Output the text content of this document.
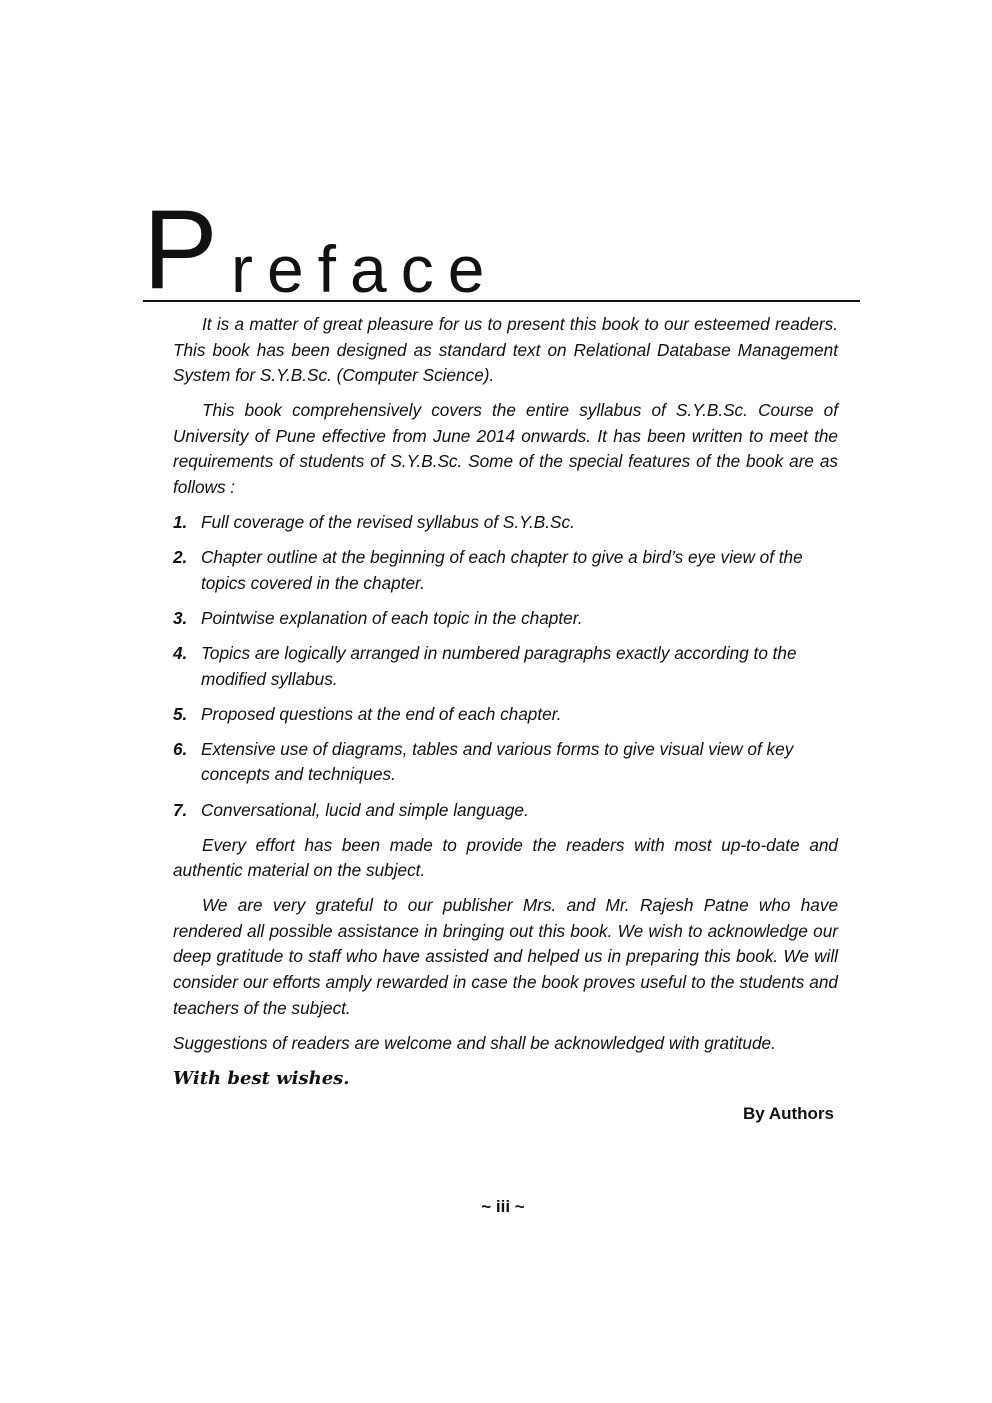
P reface

It is a matter of great pleasure for us to present this book to our esteemed readers. This book has been designed as standard text on Relational Database Management System for S.Y.B.Sc. (Computer Science).

This book comprehensively covers the entire syllabus of S.Y.B.Sc. Course of University of Pune effective from June 2014 onwards. It has been written to meet the requirements of students of S.Y.B.Sc. Some of the special features of the book are as follows :

1. Full coverage of the revised syllabus of S.Y.B.Sc.
2. Chapter outline at the beginning of each chapter to give a bird’s eye view of the topics covered in the chapter.
3. Pointwise explanation of each topic in the chapter.
4. Topics are logically arranged in numbered paragraphs exactly according to the modified syllabus.
5. Proposed questions at the end of each chapter.
6. Extensive use of diagrams, tables and various forms to give visual view of key concepts and techniques.
7. Conversational, lucid and simple language.

Every effort has been made to provide the readers with most up-to-date and authentic material on the subject.

We are very grateful to our publisher Mrs. and Mr. Rajesh Patne who have rendered all possible assistance in bringing out this book. We wish to acknowledge our deep gratitude to staff who have assisted and helped us in preparing this book. We will consider our efforts amply rewarded in case the book proves useful to the students and teachers of the subject.

Suggestions of readers are welcome and shall be acknowledged with gratitude.

With best wishes.
By Authors
~ iii ~
